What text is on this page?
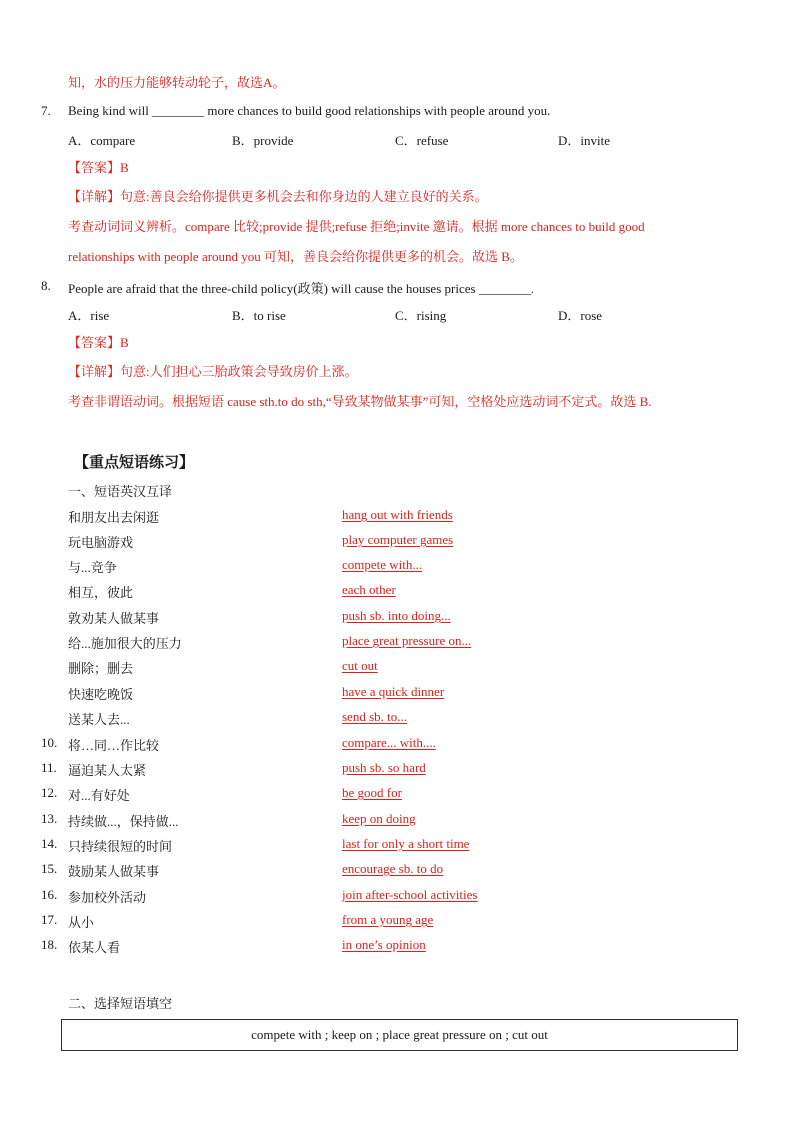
知，水的压力能够转动轮子，故选A。
7. Being kind will ________ more chances to build good relationships with people around you.
A．compare	B．provide	C．refuse	D．invite
【答案】B
【详解】句意:善良会给你提供更多机会去和你身边的人建立良好的关系。
考查动词词义辨析。compare 比较;provide 提供;refuse 拒绝;invite 邀请。根据 more chances to build good
relationships with people around you 可知，善良会给你提供更多的机会。故选 B。
8. People are afraid that the three-child policy(政策) will cause the houses prices ________.
A．rise	B．to rise	C．rising	D．rose
【答案】B
【详解】句意:人们担心三胎政策会导致房价上涨。
考查非谓语动词。根据短语 cause sth.to do sth,“导致某物做某事”可知，空格处应选动词不定式。故选 B.
【重点短语练习】
一、短语英汉互译
和朋友出去闲逛	hang out with friends
玩电脑游戏	play computer games
与...竞争	compete with...
相互，彼此	each other
敦劝某人做某事	push sb. into doing...
给...施加很大的压力	place great pressure on...
删除；删去	cut out
快速吃晚饭	have a quick dinner
送某人去...	send sb. to...
10. 将…同…作比较	compare... with....
11. 逼迫某人太紧	push sb. so hard
12. 对...有好处	be good for
13. 持续做...，保持做...	keep on doing
14. 只持续很短的时间	last for only a short time
15. 鼓励某人做某事	encourage sb. to do
16. 参加校外活动	join after-school activities
17. 从小	from a young age
18. 依某人看	in one’s opinion
二、选择短语填空
compete with ; keep on ; place great pressure on ; cut out
